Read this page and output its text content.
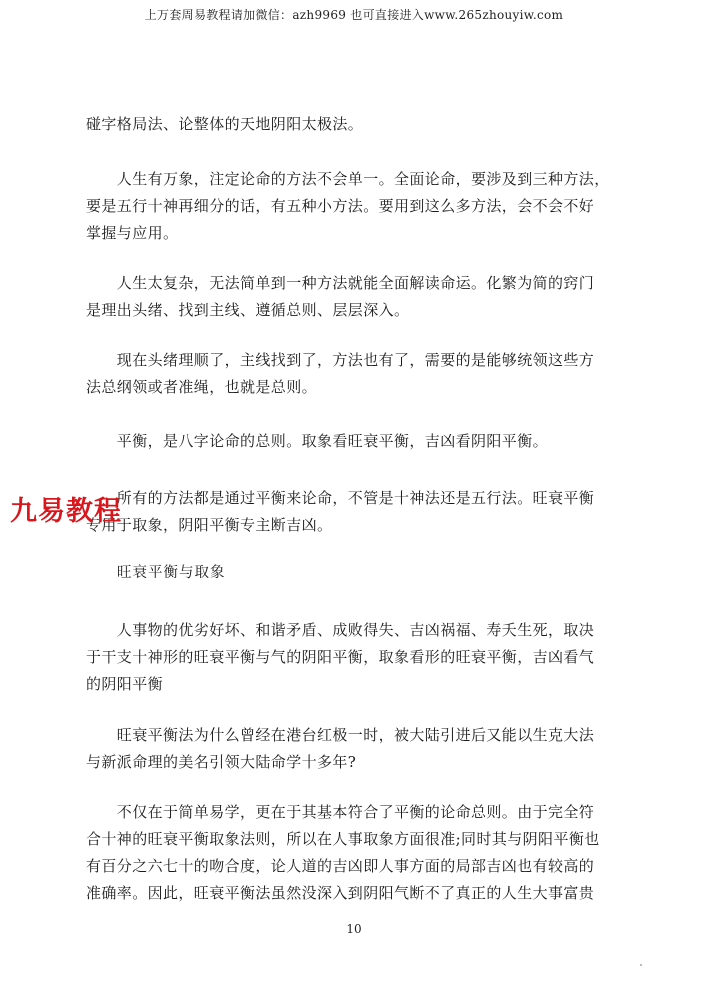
上万套周易教程请加微信：azh9969 也可直接进入www.265zhouyiw.com
碰字格局法、论整体的天地阴阳太极法。
　　人生有万象，注定论命的方法不会单一。全面论命，要涉及到三种方法，
要是五行十神再细分的话，有五种小方法。要用到这么多方法，会不会不好
掌握与应用。
　　人生太复杂，无法简单到一种方法就能全面解读命运。化繁为简的窍门
是理出头绪、找到主线、遵循总则、层层深入。
　　现在头绪理顺了，主线找到了，方法也有了，需要的是能够统领这些方
法总纲领或者准绳，也就是总则。
　　平衡，是八字论命的总则。取象看旺衰平衡，吉凶看阴阳平衡。
　　所有的方法都是通过平衡来论命，不管是十神法还是五行法。旺衰平衡
专用于取象，阴阳平衡专主断吉凶。
　　旺衰平衡与取象
　　人事物的优劣好坏、和谐矛盾、成败得失、吉凶祸福、寿夭生死，取决
于干支十神形的旺衰平衡与气的阴阳平衡，取象看形的旺衰平衡，吉凶看气
的阴阳平衡
　　旺衰平衡法为什么曾经在港台红极一时，被大陆引进后又能以生克大法
与新派命理的美名引领大陆命学十多年?
　　不仅在于简单易学，更在于其基本符合了平衡的论命总则。由于完全符
合十神的旺衰平衡取象法则，所以在人事取象方面很准;同时其与阴阳平衡也
有百分之六七十的吻合度，论人道的吉凶即人事方面的局部吉凶也有较高的
准确率。因此，旺衰平衡法虽然没深入到阴阳气断不了真正的人生大事富贵
九易教程
10
